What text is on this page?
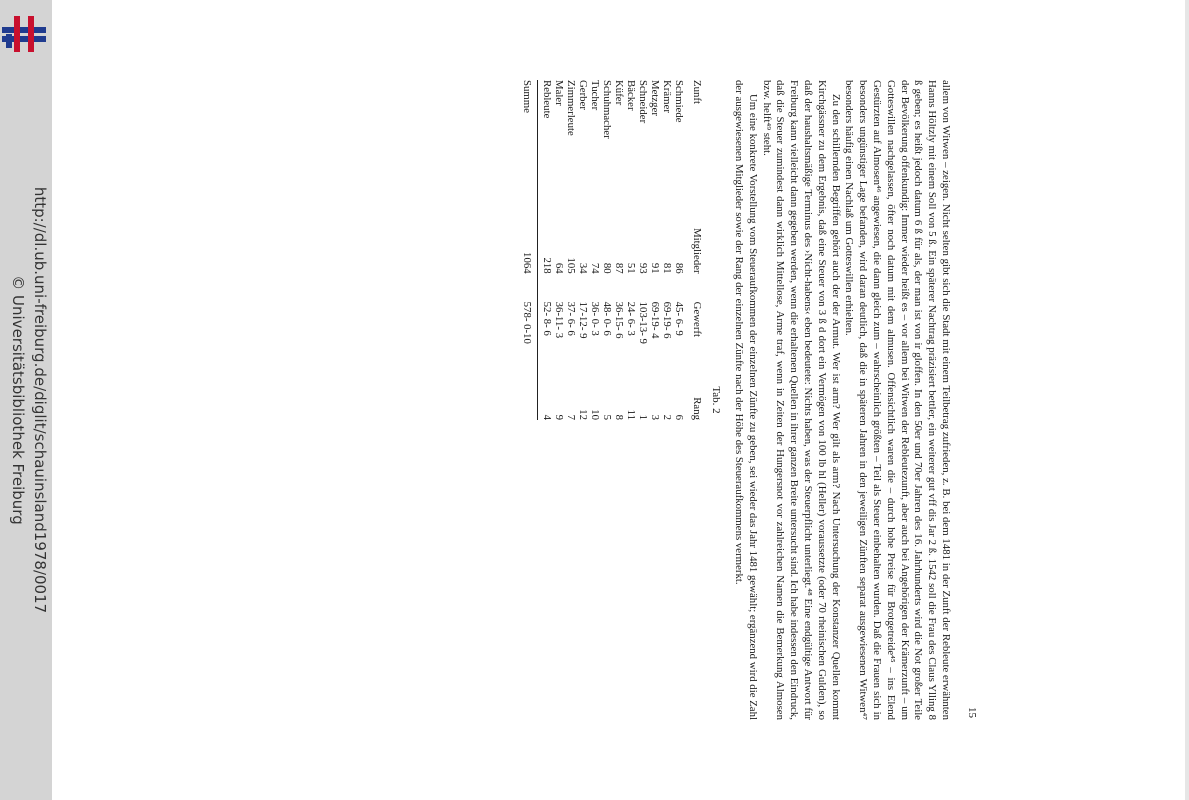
http://dl.ub.uni-freiburg.de/diglit/schauinsland1978/0017
© Universitätsbibliothek Freiburg
15

allem von Witwen – zeigen. Nicht selten gibt sich die Stadt mit einem Teilbetrag zufrieden, z. B. bei dem 1481 in der Zunft der Rebleute erwähnten Hanns Höltzly mit einem Soll von 5 ß. Ein späterer Nachtrag präzisiert bettler, ein weiterer gut vff dis Jar 2 ß. 1542 soll die Frau des Claus Ylling 8 ß geben; es heißt jedoch datum 6 ß für als, der man ist von ir gloffen. In den 50er und 70er Jahren des 16. Jahrhunderts wird die Not großer Teile der Bevölkerung offenkundig: Immer wieder heißt es – vor allem bei Witwen der Rebleutezunft, aber auch bei Angehörigen der Krämerzunft – um Gotteswillen nachgelassen, öfter noch datum mit dem almusen. Offensichtlich waren die – durch hohe Preise für Brotgetreide⁴⁵ – ins Elend Gestürzten auf Almosen⁴⁶ angewiesen, die dann gleich zum – wahrscheinlich größten – Teil als Steuer einbehalten wurden. Daß die Frauen sich in besonders ungünstiger Lage befanden, wird daran deutlich, daß die in späteren Jahren in den jeweiligen Zünften separat ausgewiesenen Witwen⁴⁷ besonders häufig einen Nachlaß um Gotteswillen erhielten.

Zu den schillernden Begriffen gehört auch der der Armut. Wer ist arm? Wer gilt als arm? Nach Untersuchung der Konstanzer Quellen kommt Kirchgässner zu dem Ergebnis, daß eine Steuer von 3 ß d dort ein Vermögen von 100 lb hl (Heller) voraussetzte (oder 70 rheinischen Gulden), so daß der haushaltsmäßige Terminus des ›Nicht-habens‹ eben bedeutete: Nichts haben, was der Steuerpflicht unterliegt.⁴⁸ Eine endgültige Antwort für Freiburg kann vielleicht dann gegeben werden, wenn die erhaltenen Quellen in ihrer ganzen Breite untersucht sind. Ich habe indessen den Eindruck, daß die Steuer zumindest dann wirklich Mittellose, Arme traf, wenn in Zeiten der Hungersnot vor zahlreichen Namen die Bemerkung Almosen bzw. helft⁴⁹ steht.

Um eine konkrete Vorstellung vom Steueraufkommen der einzelnen Zünfte zu geben, sei wieder das Jahr 1481 gewählt; ergänzend wird die Zahl der ausgewiesenen Mitglieder sowie der Rang der einzelnen Zünfte nach der Höhe des Steueraufkommens vermerkt.

Tab. 2
Zunft	Mitglieder	Gewerft	Rang
Schmiede	86	45- 6- 9	6
Krämer	81	69-19- 6	2
Metzger	91	69-19- 4	3
Schneider	93	103-13- 9	1
Bäcker	51	24- 6- 3	11
Küfer	87	36-15- 6	8
Schuhmacher	80	48- 0- 6	5
Tucher	74	36- 0- 3	10
Gerber	34	17-12- 9	12
Zimmerleute	105	37- 6- 6	7
Maler	64	36-11- 3	9
Rebleute	218	52- 8- 6	4
Summe	1064	578- 0-10	
